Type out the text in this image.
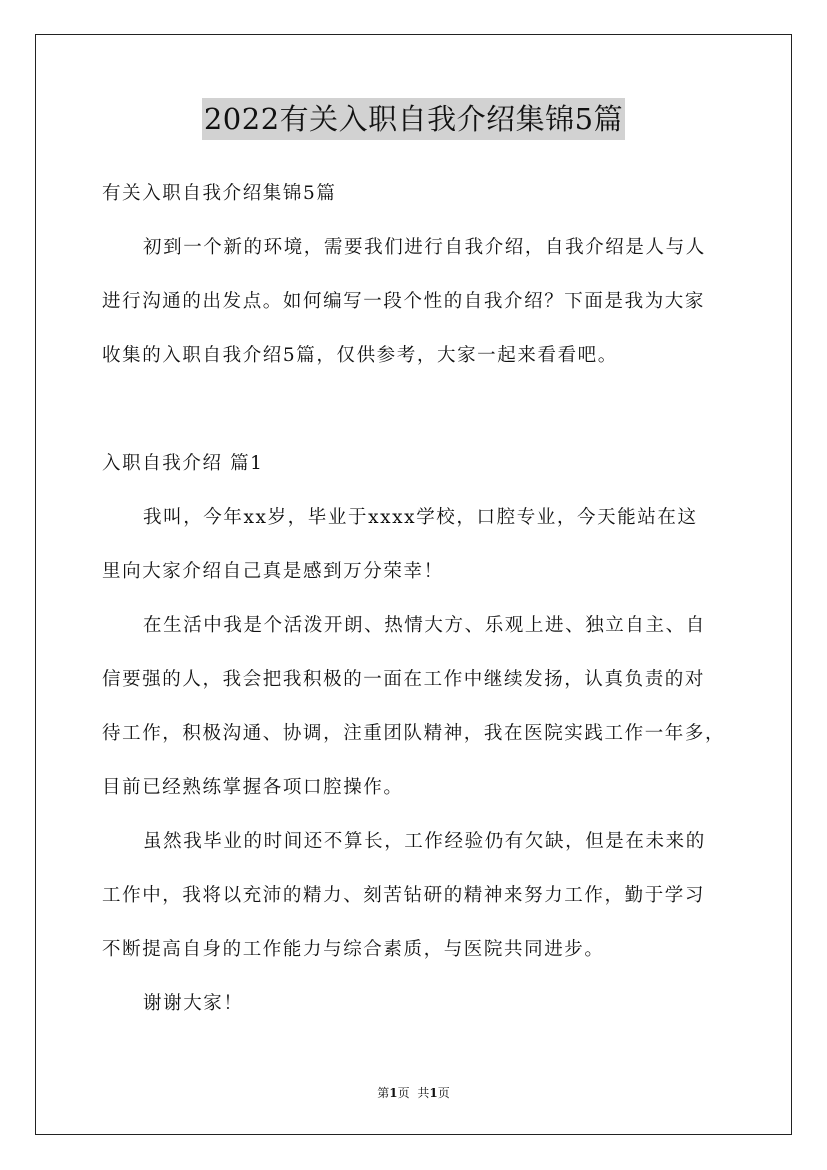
2022有关入职自我介绍集锦5篇
有关入职自我介绍集锦5篇
初到一个新的环境，需要我们进行自我介绍，自我介绍是人与人
进行沟通的出发点。如何编写一段个性的自我介绍？下面是我为大家
收集的入职自我介绍5篇，仅供参考，大家一起来看看吧。
入职自我介绍 篇1
我叫，今年xx岁，毕业于xxxx学校，口腔专业，今天能站在这
里向大家介绍自己真是感到万分荣幸！
在生活中我是个活泼开朗、热情大方、乐观上进、独立自主、自
信要强的人，我会把我积极的一面在工作中继续发扬，认真负责的对
待工作，积极沟通、协调，注重团队精神，我在医院实践工作一年多，
目前已经熟练掌握各项口腔操作。
虽然我毕业的时间还不算长，工作经验仍有欠缺，但是在未来的
工作中，我将以充沛的精力、刻苦钻研的精神来努力工作，勤于学习
不断提高自身的工作能力与综合素质，与医院共同进步。
谢谢大家！
第1页 共1页
